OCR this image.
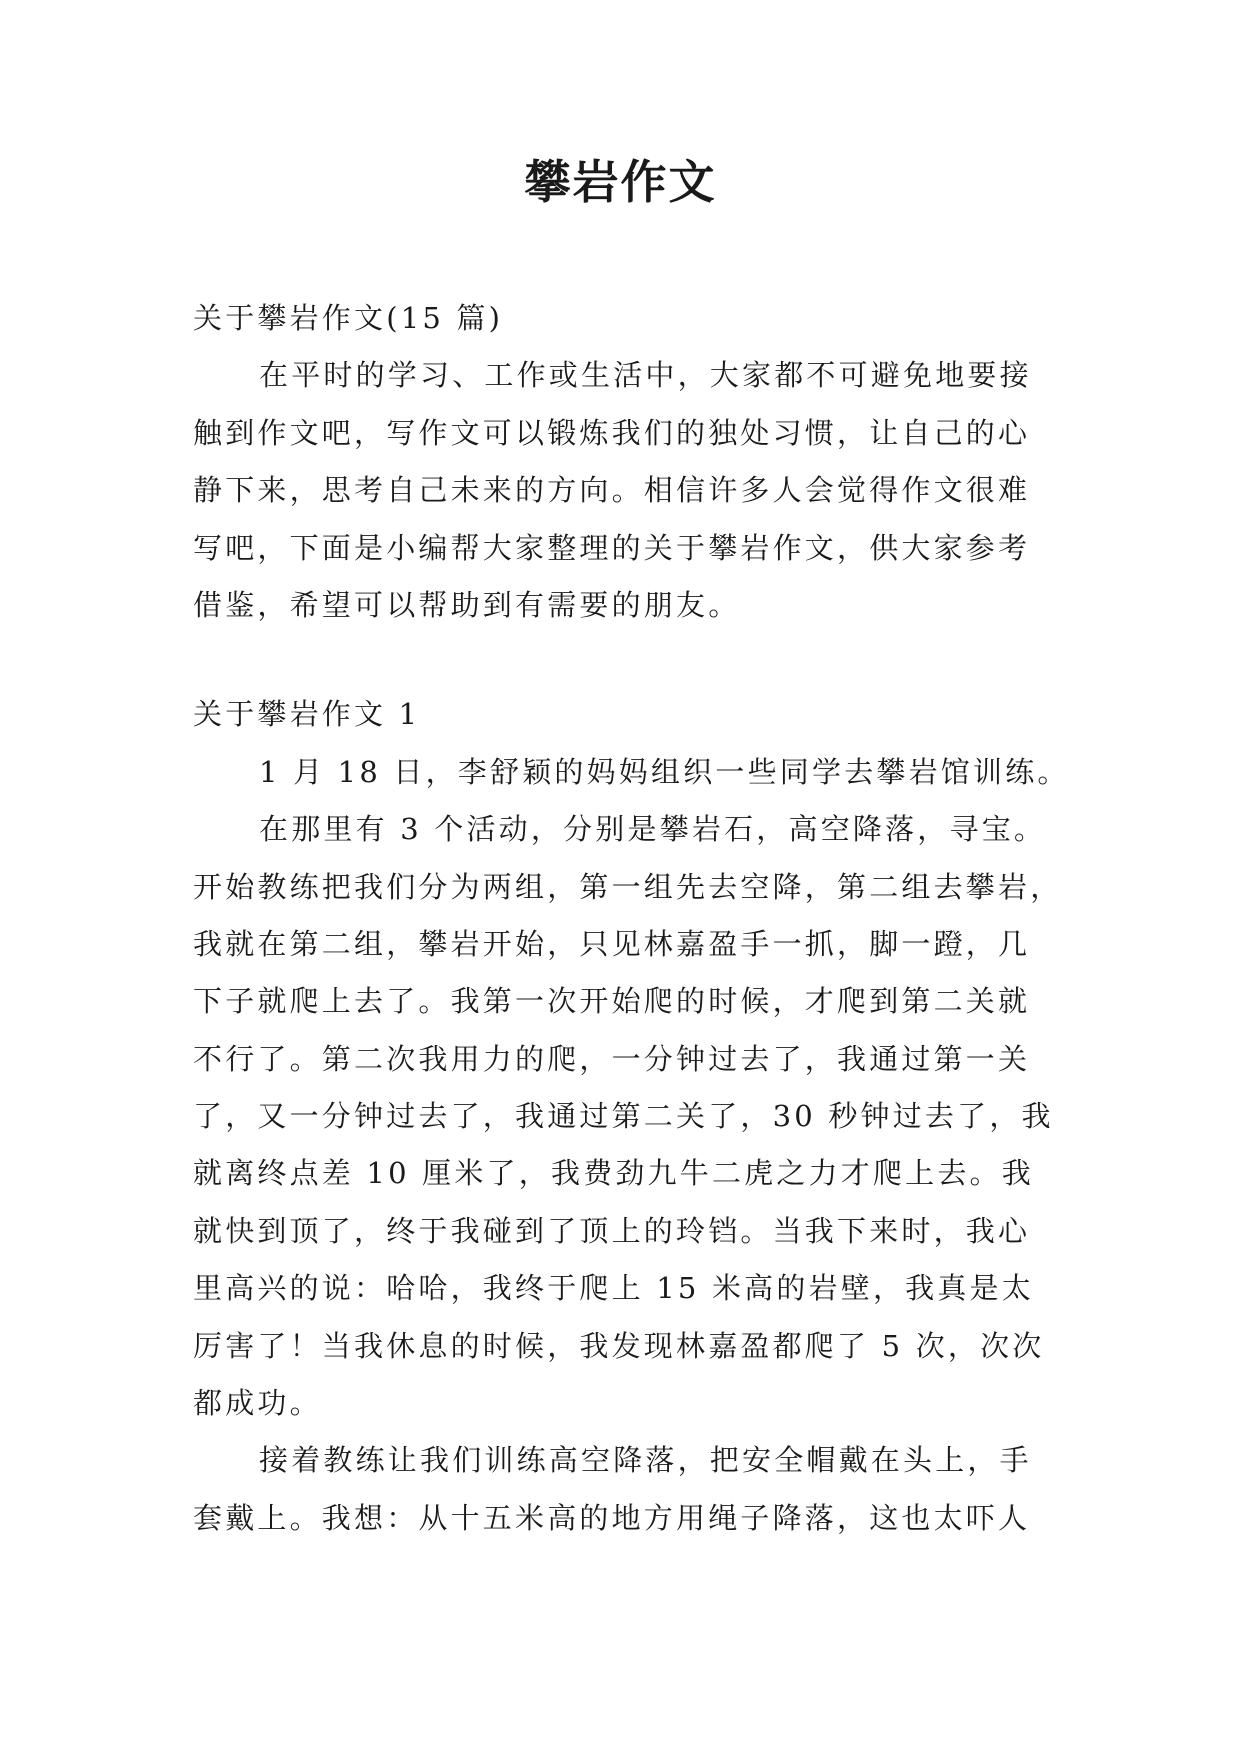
攀岩作文

关于攀岩作文(15 篇)

在平时的学习、工作或生活中，大家都不可避免地要接

触到作文吧，写作文可以锻炼我们的独处习惯，让自己的心

静下来，思考自己未来的方向。相信许多人会觉得作文很难

写吧，下面是小编帮大家整理的关于攀岩作文，供大家参考

借鉴，希望可以帮助到有需要的朋友。

关于攀岩作文 1

1 月 18 日，李舒颖的妈妈组织一些同学去攀岩馆训练。

在那里有 3 个活动，分别是攀岩石，高空降落，寻宝。

开始教练把我们分为两组，第一组先去空降，第二组去攀岩，

我就在第二组，攀岩开始，只见林嘉盈手一抓，脚一蹬，几

下子就爬上去了。我第一次开始爬的时候，才爬到第二关就

不行了。第二次我用力的爬，一分钟过去了，我通过第一关

了，又一分钟过去了，我通过第二关了，30 秒钟过去了，我

就离终点差 10 厘米了，我费劲九牛二虎之力才爬上去。我

就快到顶了，终于我碰到了顶上的玲铛。当我下来时，我心

里高兴的说：哈哈，我终于爬上 15 米高的岩壁，我真是太

厉害了！当我休息的时候，我发现林嘉盈都爬了 5 次，次次

都成功。

接着教练让我们训练高空降落，把安全帽戴在头上，手

套戴上。我想：从十五米高的地方用绳子降落，这也太吓人
